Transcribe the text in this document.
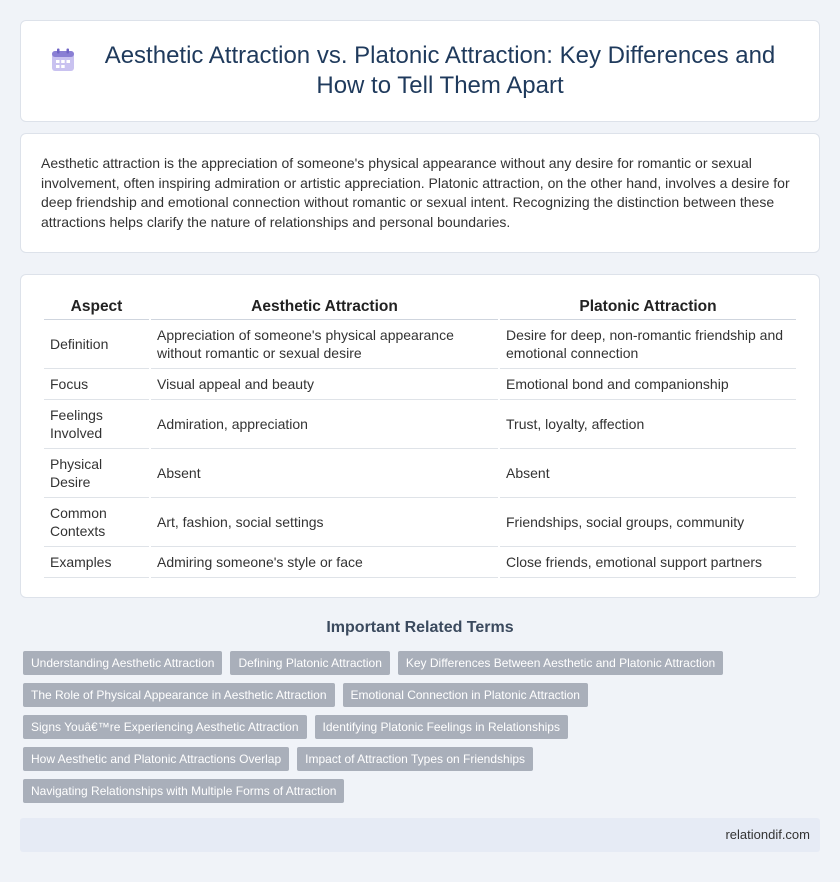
Aesthetic Attraction vs. Platonic Attraction: Key Differences and How to Tell Them Apart

Aesthetic attraction is the appreciation of someone's physical appearance without any desire for romantic or sexual involvement, often inspiring admiration or artistic appreciation. Platonic attraction, on the other hand, involves a desire for deep friendship and emotional connection without romantic or sexual intent. Recognizing the distinction between these attractions helps clarify the nature of relationships and personal boundaries.

Aspect	Aesthetic Attraction	Platonic Attraction
Definition	Appreciation of someone's physical appearance without romantic or sexual desire	Desire for deep, non-romantic friendship and emotional connection
Focus	Visual appeal and beauty	Emotional bond and companionship
Feelings Involved	Admiration, appreciation	Trust, loyalty, affection
Physical Desire	Absent	Absent
Common Contexts	Art, fashion, social settings	Friendships, social groups, community
Examples	Admiring someone's style or face	Close friends, emotional support partners
Important Related Terms
Understanding Aesthetic Attraction	Defining Platonic Attraction	Key Differences Between Aesthetic and Platonic Attraction
The Role of Physical Appearance in Aesthetic Attraction	Emotional Connection in Platonic Attraction
Signs Youâ€™re Experiencing Aesthetic Attraction	Identifying Platonic Feelings in Relationships
How Aesthetic and Platonic Attractions Overlap	Impact of Attraction Types on Friendships
Navigating Relationships with Multiple Forms of Attraction
relationdif.com
